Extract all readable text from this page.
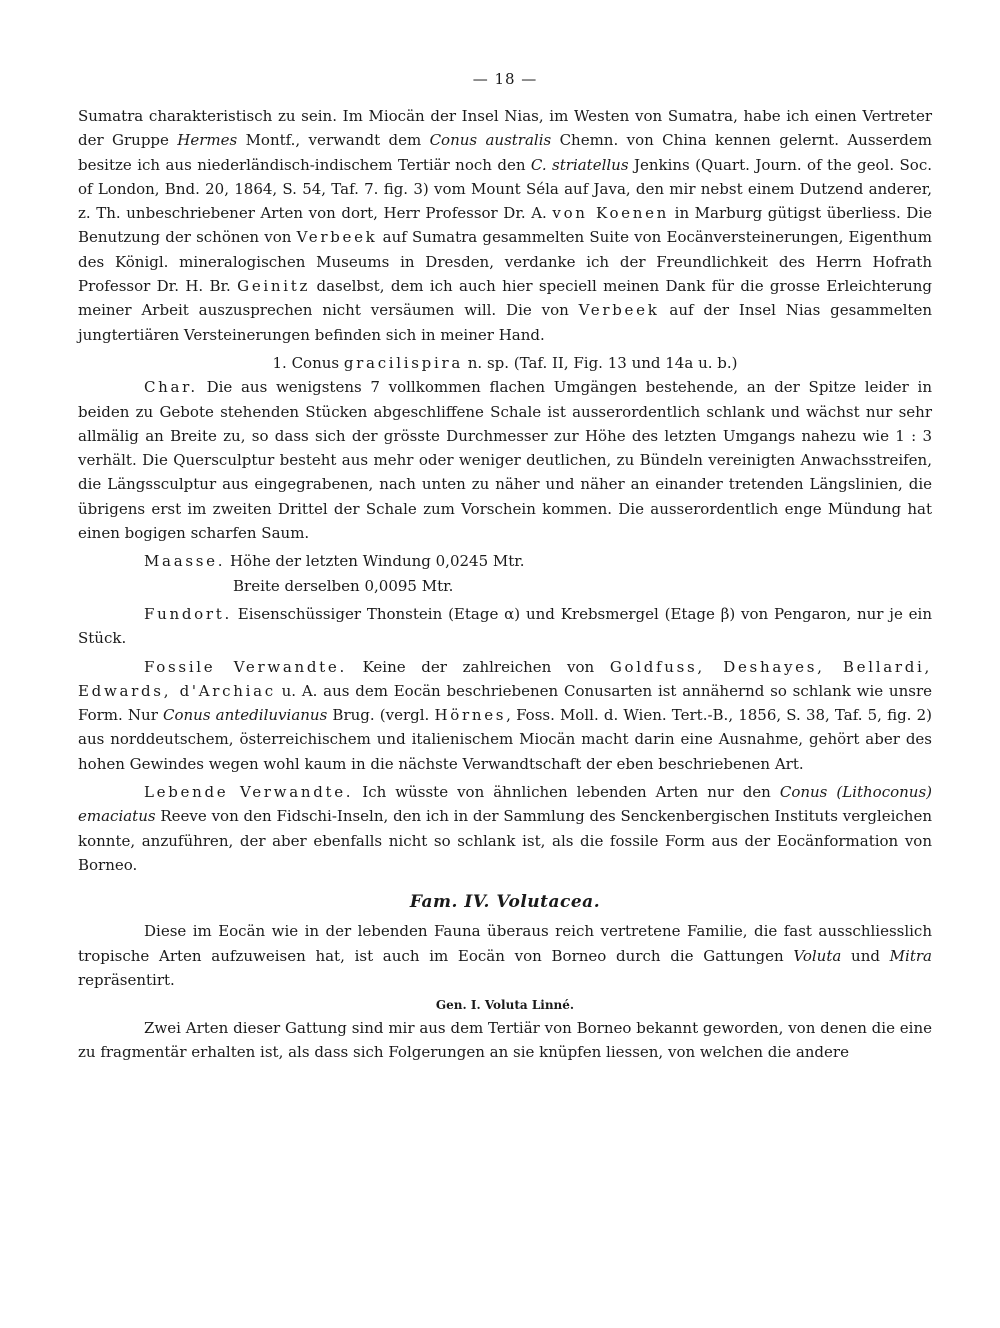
— 18 —

Sumatra charakteristisch zu sein. Im Miocän der Insel Nias, im Westen von Sumatra, habe ich einen Vertreter der Gruppe Hermes Montf., verwandt dem Conus australis Chemn. von China kennen gelernt. Ausserdem besitze ich aus niederländisch-indischem Tertiär noch den C. striatellus Jenkins (Quart. Journ. of the geol. Soc. of London, Bnd. 20, 1864, S. 54, Taf. 7. fig. 3) vom Mount Séla auf Java, den mir nebst einem Dutzend anderer, z. Th. unbeschriebener Arten von dort, Herr Professor Dr. A. von Koenen in Marburg gütigst überliess. Die Benutzung der schönen von Verbeek auf Sumatra gesammelten Suite von Eocänversteinerungen, Eigenthum des Königl. mineralogischen Museums in Dresden, verdanke ich der Freundlichkeit des Herrn Hofrath Professor Dr. H. Br. Geinitz daselbst, dem ich auch hier speciell meinen Dank für die grosse Erleichterung meiner Arbeit auszusprechen nicht versäumen will. Die von Verbeek auf der Insel Nias gesammelten jungtertiären Versteinerungen befinden sich in meiner Hand.

1. Conus gracilispira n. sp. (Taf. II, Fig. 13 und 14a u. b.)

Char. Die aus wenigstens 7 vollkommen flachen Umgängen bestehende, an der Spitze leider in beiden zu Gebote stehenden Stücken abgeschliffene Schale ist ausserordentlich schlank und wächst nur sehr allmälig an Breite zu, so dass sich der grösste Durchmesser zur Höhe des letzten Umgangs nahezu wie 1 : 3 verhält. Die Quersculptur besteht aus mehr oder weniger deutlichen, zu Bündeln vereinigten Anwachsstreifen, die Längssculptur aus eingegrabenen, nach unten zu näher und näher an einander tretenden Längslinien, die übrigens erst im zweiten Drittel der Schale zum Vorschein kommen. Die ausserordentlich enge Mündung hat einen bogigen scharfen Saum.

Maasse. Höhe der letzten Windung 0,0245 Mtr.
Breite derselben 0,0095 Mtr.

Fundort. Eisenschüssiger Thonstein (Etage α) und Krebsmergel (Etage β) von Pengaron, nur je ein Stück.

Fossile Verwandte. Keine der zahlreichen von Goldfuss, Deshayes, Bellardi, Edwards, d'Archiac u. A. aus dem Eocän beschriebenen Conusarten ist annähernd so schlank wie unsre Form. Nur Conus antediluvianus Brug. (vergl. Hörnes, Foss. Moll. d. Wien. Tert.-B., 1856, S. 38, Taf. 5, fig. 2) aus norddeutschem, österreichischem und italienischem Miocän macht darin eine Ausnahme, gehört aber des hohen Gewindes wegen wohl kaum in die nächste Verwandtschaft der eben beschriebenen Art.

Lebende Verwandte. Ich wüsste von ähnlichen lebenden Arten nur den Conus (Lithoconus) emaciatus Reeve von den Fidschi-Inseln, den ich in der Sammlung des Senckenbergischen Instituts vergleichen konnte, anzuführen, der aber ebenfalls nicht so schlank ist, als die fossile Form aus der Eocänformation von Borneo.

Fam. IV. Volutacea.

Diese im Eocän wie in der lebenden Fauna überaus reich vertretene Familie, die fast ausschliesslich tropische Arten aufzuweisen hat, ist auch im Eocän von Borneo durch die Gattungen Voluta und Mitra repräsentirt.

Gen. I. Voluta Linné.

Zwei Arten dieser Gattung sind mir aus dem Tertiär von Borneo bekannt geworden, von denen die eine zu fragmentär erhalten ist, als dass sich Folgerungen an sie knüpfen liessen, von welchen die andere
